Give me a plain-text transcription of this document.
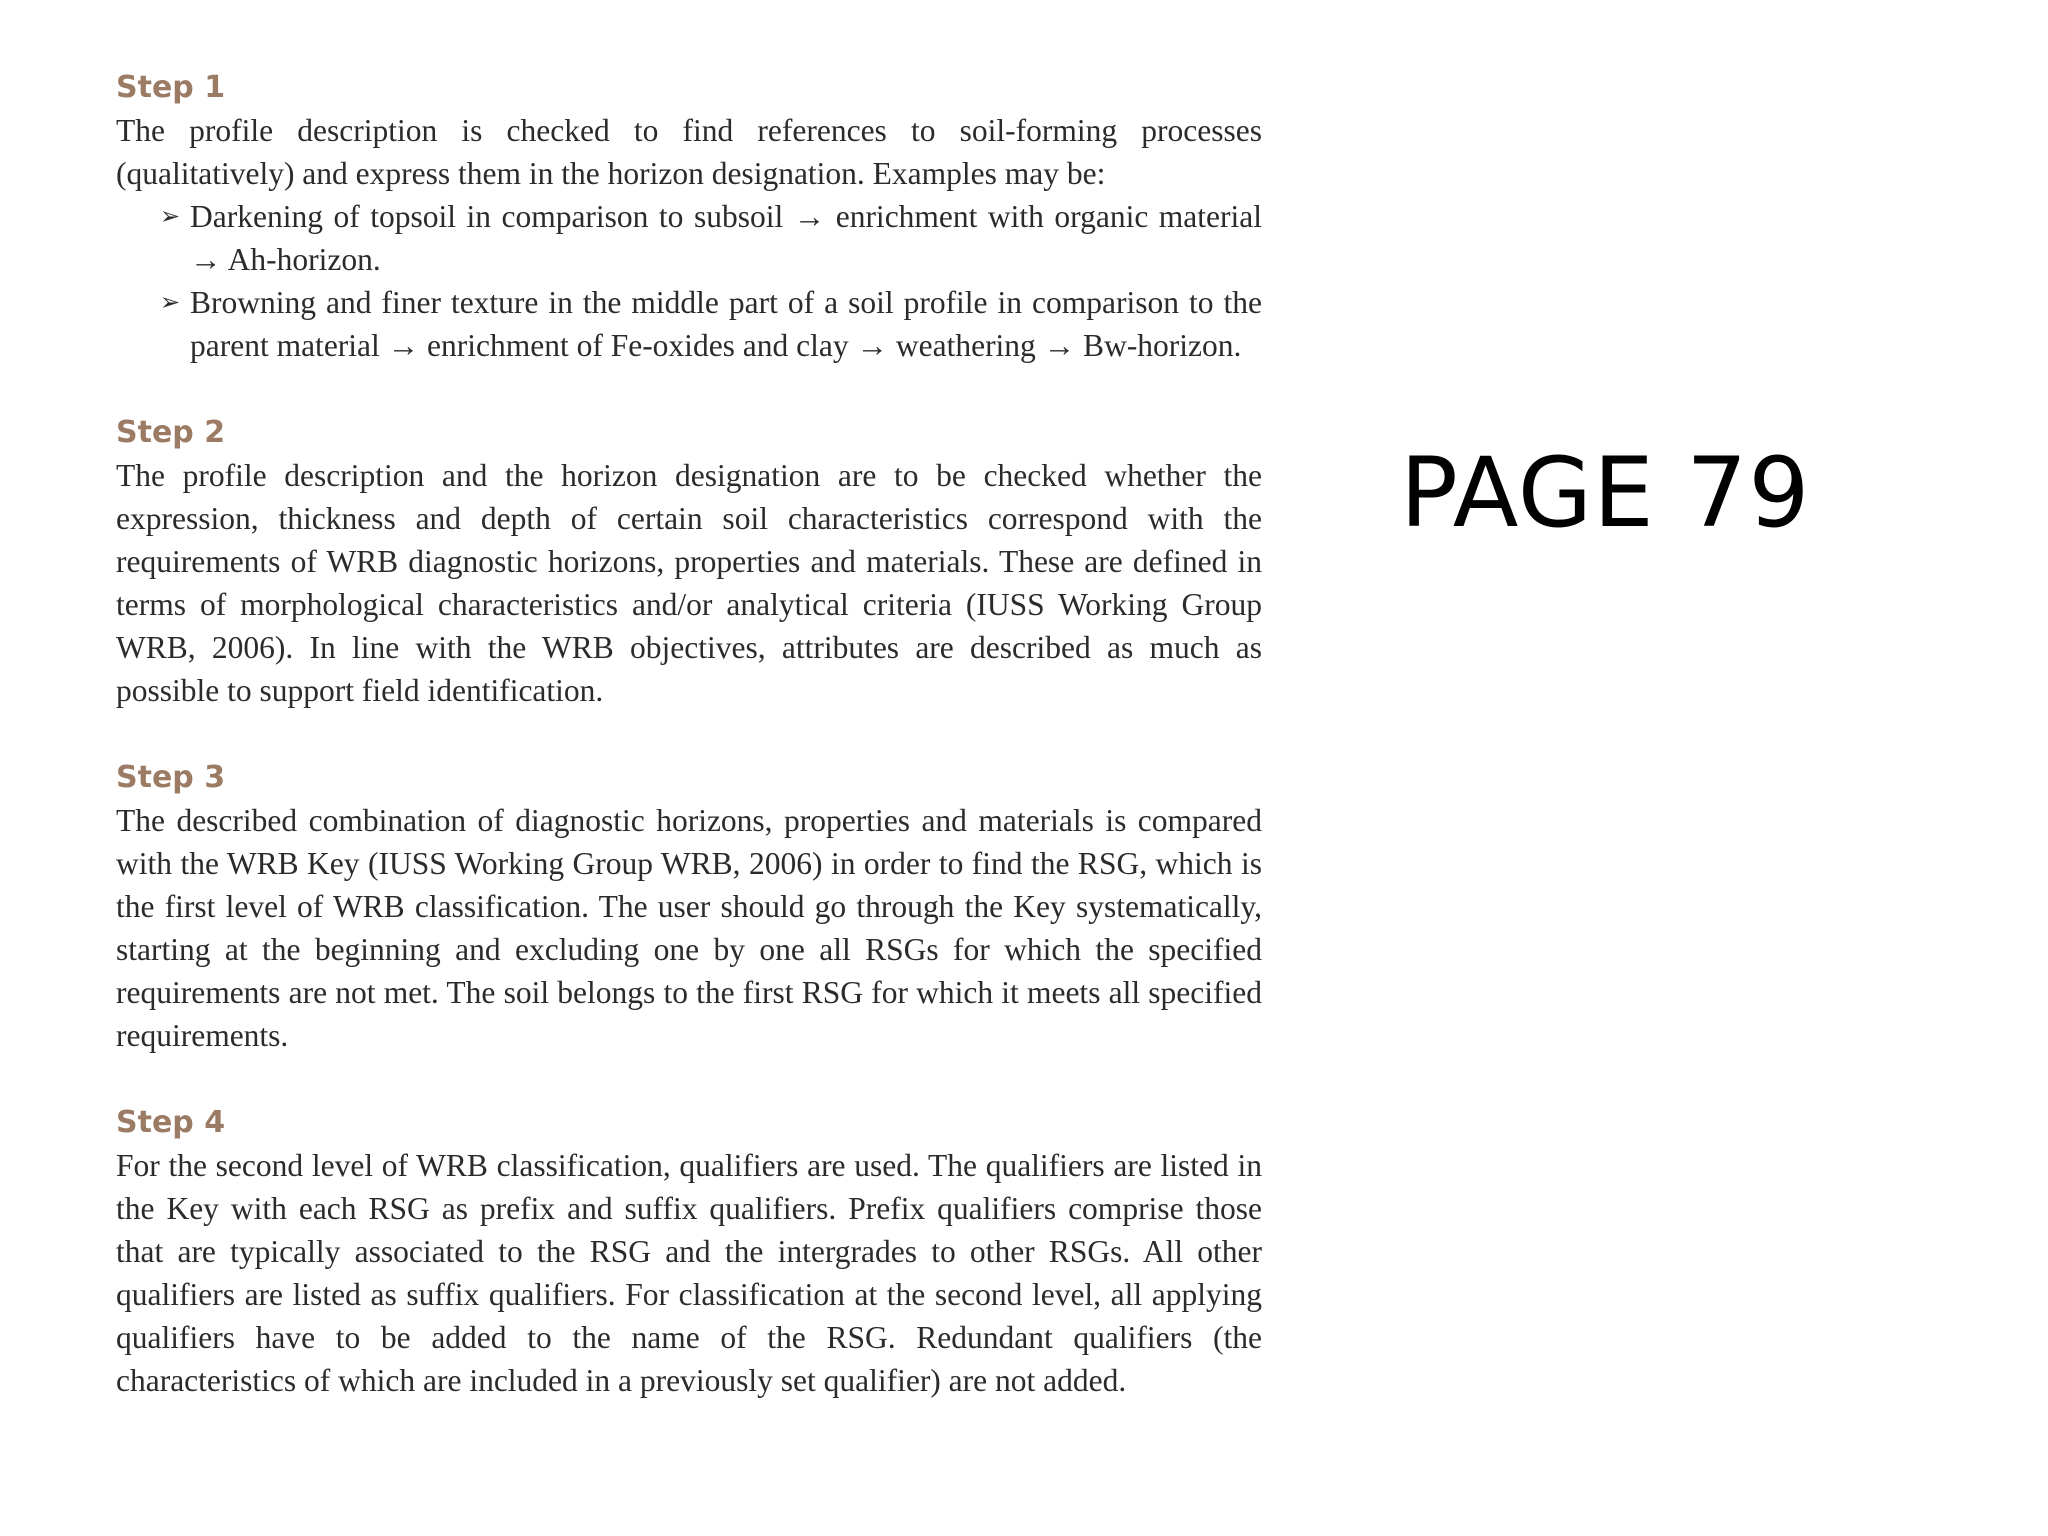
Step 1

The profile description is checked to find references to soil-forming processes (qualitatively) and express them in the horizon designation. Examples may be:

➢ Darkening of topsoil in comparison to subsoil → enrichment with organic material → Ah-horizon.
➢ Browning and finer texture in the middle part of a soil profile in comparison to the parent material → enrichment of Fe-oxides and clay → weathering → Bw-horizon.
Step 2

The profile description and the horizon designation are to be checked whether the expression, thickness and depth of certain soil characteristics correspond with the requirements of WRB diagnostic horizons, properties and materials. These are defined in terms of morphological characteristics and/or analytical criteria (IUSS Working Group WRB, 2006). In line with the WRB objectives, attributes are described as much as possible to support field identification.

Step 3

The described combination of diagnostic horizons, properties and materials is compared with the WRB Key (IUSS Working Group WRB, 2006) in order to find the RSG, which is the first level of WRB classification. The user should go through the Key systematically, starting at the beginning and excluding one by one all RSGs for which the specified requirements are not met. The soil belongs to the first RSG for which it meets all specified requirements.

Step 4

For the second level of WRB classification, qualifiers are used. The qualifiers are listed in the Key with each RSG as prefix and suffix qualifiers. Prefix qualifiers comprise those that are typically associated to the RSG and the intergrades to other RSGs. All other qualifiers are listed as suffix qualifiers. For classification at the second level, all applying qualifiers have to be added to the name of the RSG. Redundant qualifiers (the characteristics of which are included in a previously set qualifier) are not added.

PAGE 79
